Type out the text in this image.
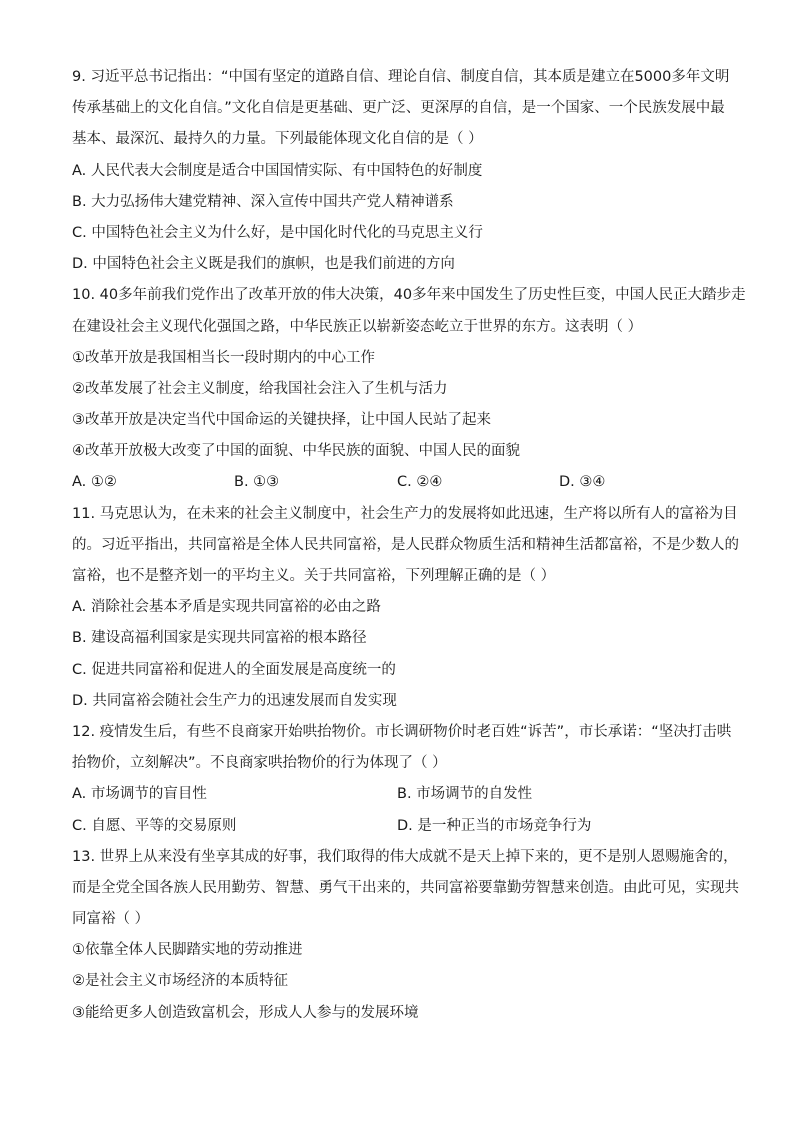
9. 习近平总书记指出：“中国有坚定的道路自信、理论自信、制度自信，其本质是建立在5000多年文明
传承基础上的文化自信。”文化自信是更基础、更广泛、更深厚的自信，是一个国家、一个民族发展中最
基本、最深沉、最持久的力量。下列最能体现文化自信的是（ ）
A. 人民代表大会制度是适合中国国情实际、有中国特色的好制度
B. 大力弘扬伟大建党精神、深入宣传中国共产党人精神谱系
C. 中国特色社会主义为什么好，是中国化时代化的马克思主义行
D. 中国特色社会主义既是我们的旗帜，也是我们前进的方向
10. 40多年前我们党作出了改革开放的伟大决策，40多年来中国发生了历史性巨变，中国人民正大踏步走
在建设社会主义现代化强国之路，中华民族正以崭新姿态屹立于世界的东方。这表明（ ）
①改革开放是我国相当长一段时期内的中心工作
②改革发展了社会主义制度，给我国社会注入了生机与活力
③改革开放是决定当代中国命运的关键抉择，让中国人民站了起来
④改革开放极大改变了中国的面貌、中华民族的面貌、中国人民的面貌
A. ①②	B. ①③	C. ②④	D. ③④
11. 马克思认为，在未来的社会主义制度中，社会生产力的发展将如此迅速，生产将以所有人的富裕为目
的。习近平指出，共同富裕是全体人民共同富裕，是人民群众物质生活和精神生活都富裕，不是少数人的
富裕，也不是整齐划一的平均主义。关于共同富裕，下列理解正确的是（ ）
A. 消除社会基本矛盾是实现共同富裕的必由之路
B. 建设高福利国家是实现共同富裕的根本路径
C. 促进共同富裕和促进人的全面发展是高度统一的
D. 共同富裕会随社会生产力的迅速发展而自发实现
12. 疫情发生后，有些不良商家开始哄抬物价。市长调研物价时老百姓“诉苦”，市长承诺：“坚决打击哄
抬物价，立刻解决”。不良商家哄抬物价的行为体现了（ ）
A. 市场调节的盲目性	B. 市场调节的自发性
C. 自愿、平等的交易原则	D. 是一种正当的市场竞争行为
13. 世界上从来没有坐享其成的好事，我们取得的伟大成就不是天上掉下来的，更不是别人恩赐施舍的，
而是全党全国各族人民用勤劳、智慧、勇气干出来的，共同富裕要靠勤劳智慧来创造。由此可见，实现共
同富裕（ ）
①依靠全体人民脚踏实地的劳动推进
②是社会主义市场经济的本质特征
③能给更多人创造致富机会，形成人人参与的发展环境
